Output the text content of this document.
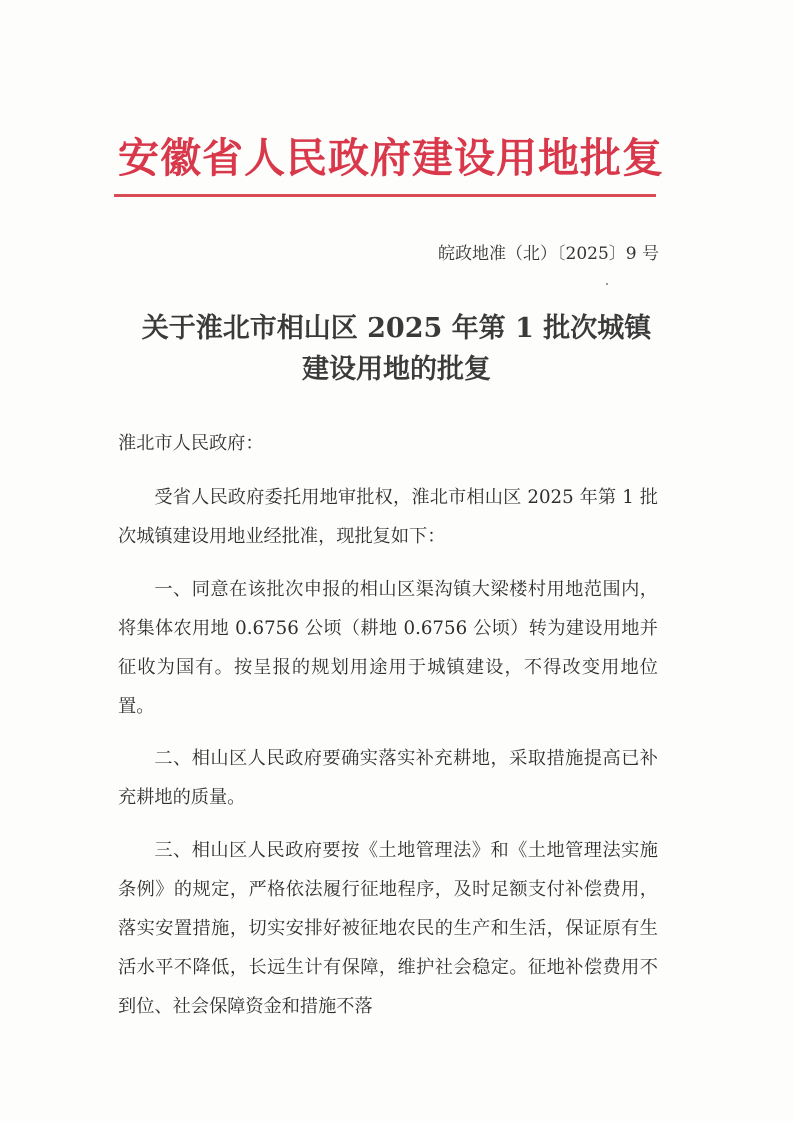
安徽省人民政府建设用地批复
皖政地准（北）〔2025〕9 号
关于淮北市相山区 2025 年第 1 批次城镇
建设用地的批复

淮北市人民政府：

受省人民政府委托用地审批权，淮北市相山区 2025 年第 1 批次城镇建设用地业经批准，现批复如下：

一、同意在该批次申报的相山区渠沟镇大梁楼村用地范围内，将集体农用地 0.6756 公顷（耕地 0.6756 公顷）转为建设用地并征收为国有。按呈报的规划用途用于城镇建设，不得改变用地位置。

二、相山区人民政府要确实落实补充耕地，采取措施提高已补充耕地的质量。

三、相山区人民政府要按《土地管理法》和《土地管理法实施条例》的规定，严格依法履行征地程序，及时足额支付补偿费用，落实安置措施，切实安排好被征地农民的生产和生活，保证原有生活水平不降低，长远生计有保障，维护社会稳定。征地补偿费用不到位、社会保障资金和措施不落
